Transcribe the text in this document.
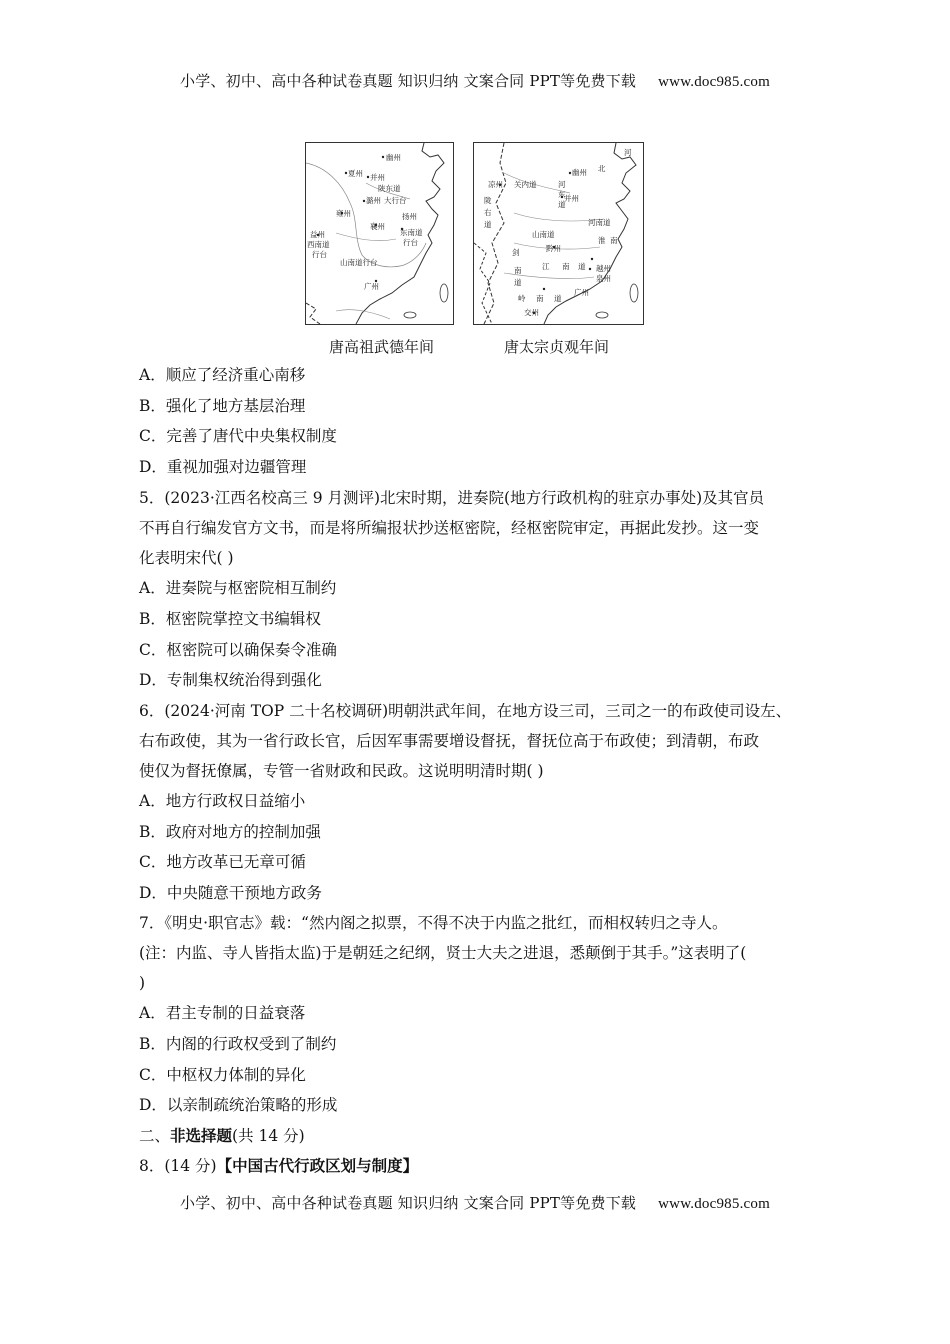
小学、初中、高中各种试卷真题 知识归纳 文案合同 PPT等免费下载 www.doc985.com
幽州
夏州 并州
陕东道
潞州 大行台
雍州
襄州
扬州
益州
西南道
行台
东南道
行台
山南道行台
广州
河
北
关内道	河
东
道
凉州
陇
右
道
幽州
并州
河南道
山南道
剑
淮 南
黔州
江 南 道 越州
泉州
南
道
岭 南 道
广州
交州
唐高祖武德年间	唐太宗贞观年间
A．顺应了经济重心南移
B．强化了地方基层治理
C．完善了唐代中央集权制度
D．重视加强对边疆管理
5．(2023·江西名校高三 9 月测评)北宋时期，进奏院(地方行政机构的驻京办事处)及其官员
不再自行编发官方文书，而是将所编报状抄送枢密院，经枢密院审定，再据此发抄。这一变
化表明宋代( )
A．进奏院与枢密院相互制约
B．枢密院掌控文书编辑权
C．枢密院可以确保奏令准确
D．专制集权统治得到强化
6．(2024·河南 TOP 二十名校调研)明朝洪武年间，在地方设三司，三司之一的布政使司设左、
右布政使，其为一省行政长官，后因军事需要增设督抚，督抚位高于布政使；到清朝，布政
使仅为督抚僚属，专管一省财政和民政。这说明明清时期( )
A．地方行政权日益缩小
B．政府对地方的控制加强
C．地方改革已无章可循
D．中央随意干预地方政务
7．《明史·职官志》载：“然内阁之拟票，不得不决于内监之批红，而相权转归之寺人。
(注：内监、寺人皆指太监)于是朝廷之纪纲，贤士大夫之进退，悉颠倒于其手。”这表明了(
)
A．君主专制的日益衰落
B．内阁的行政权受到了制约
C．中枢权力体制的异化
D．以亲制疏统治策略的形成
二、非选择题(共 14 分)
8．(14 分)【中国古代行政区划与制度】
小学、初中、高中各种试卷真题 知识归纳 文案合同 PPT等免费下载 www.doc985.com
